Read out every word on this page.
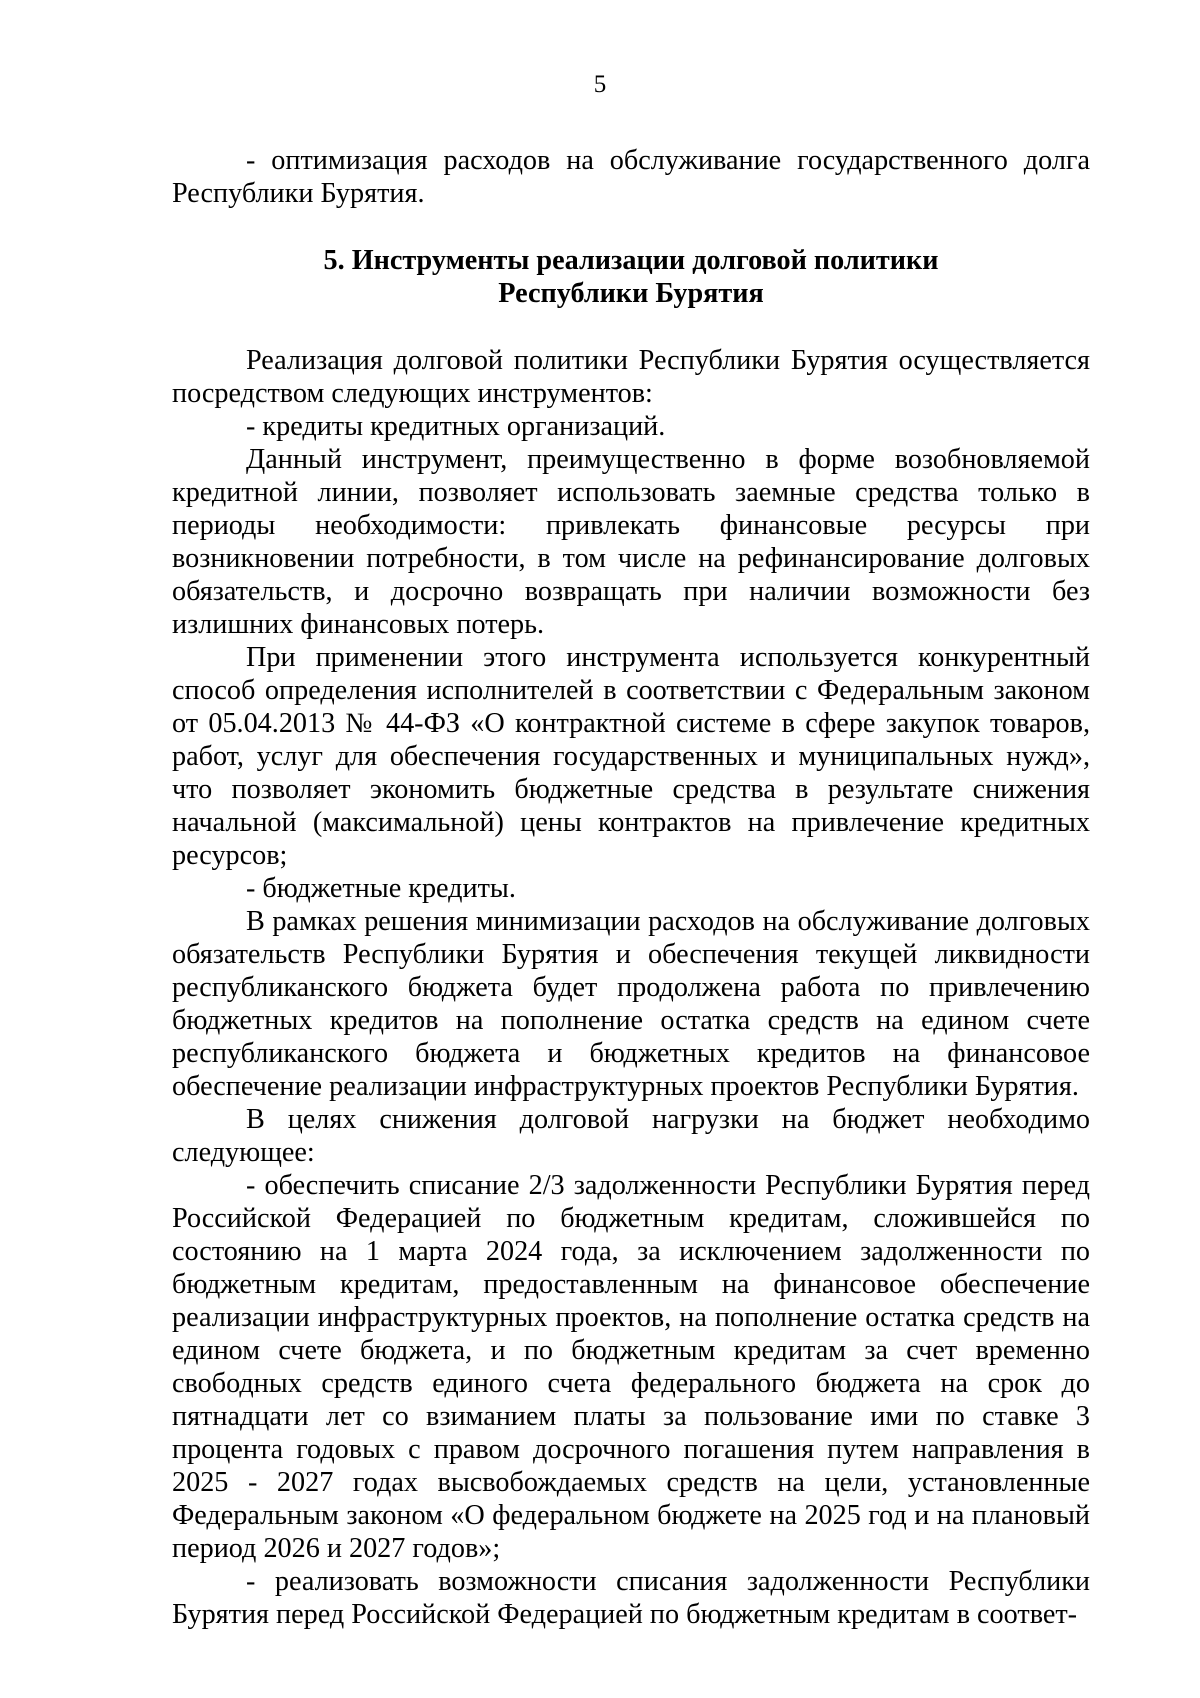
5

- оптимизация расходов на обслуживание государственного долга Республики Бурятия.

5. Инструменты реализации долговой политики
Республики Бурятия

Реализация долговой политики Республики Бурятия осуществляется посредством следующих инструментов:

- кредиты кредитных организаций.

Данный инструмент, преимущественно в форме возобновляемой кредитной линии, позволяет использовать заемные средства только в периоды необходимости: привлекать финансовые ресурсы при возникновении потребности, в том числе на рефинансирование долговых обязательств, и досрочно возвращать при наличии возможности без излишних финансовых потерь.

При применении этого инструмента используется конкурентный способ определения исполнителей в соответствии с Федеральным законом от 05.04.2013 № 44-ФЗ «О контрактной системе в сфере закупок товаров, работ, услуг для обеспечения государственных и муниципальных нужд», что позволяет экономить бюджетные средства в результате снижения начальной (максимальной) цены контрактов на привлечение кредитных ресурсов;

- бюджетные кредиты.

В рамках решения минимизации расходов на обслуживание долговых обязательств Республики Бурятия и обеспечения текущей ликвидности республиканского бюджета будет продолжена работа по привлечению бюджетных кредитов на пополнение остатка средств на едином счете республиканского бюджета и бюджетных кредитов на финансовое обеспечение реализации инфраструктурных проектов Республики Бурятия.

В целях снижения долговой нагрузки на бюджет необходимо следующее:

- обеспечить списание 2/3 задолженности Республики Бурятия перед Российской Федерацией по бюджетным кредитам, сложившейся по состоянию на 1 марта 2024 года, за исключением задолженности по бюджетным кредитам, предоставленным на финансовое обеспечение реализации инфраструктурных проектов, на пополнение остатка средств на едином счете бюджета, и по бюджетным кредитам за счет временно свободных средств единого счета федерального бюджета на срок до пятнадцати лет со взиманием платы за пользование ими по ставке 3 процента годовых с правом досрочного погашения путем направления в 2025 - 2027 годах высвобождаемых средств на цели, установленные Федеральным законом «О федеральном бюджете на 2025 год и на плановый период 2026 и 2027 годов»;

- реализовать возможности списания задолженности Республики Бурятия перед Российской Федерацией по бюджетным кредитам в соответ-
